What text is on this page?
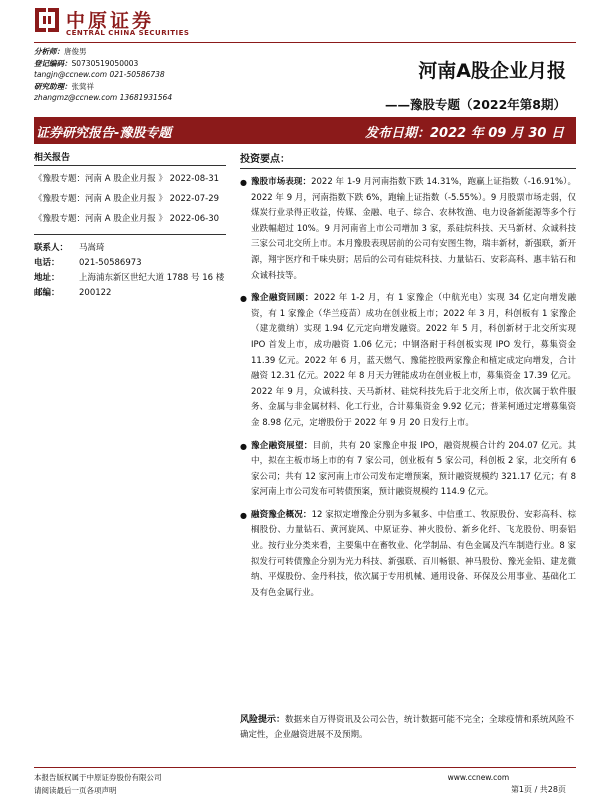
中原证券
CENTRAL CHINA SECURITIES
分析师：唐俊男
登记编码：S0730519050003
tangjn@ccnew.com 021-50586738
研究助理：张蓂祥
zhangmz@ccnew.com 13681931564
河南A股企业月报
——豫股专题（2022年第8期）
证券研究报告-豫股专题	发布日期：2022 年 09 月 30 日
相关报告
《豫股专题：河南 A 股企业月报 》 2022-08-31
《豫股专题：河南 A 股企业月报 》 2022-07-29
《豫股专题：河南 A 股企业月报 》 2022-06-30
联系人：	马嵩琦
电话：	021-50586973
地址：	上海浦东新区世纪大道 1788 号 16 楼
邮编：	200122
投资要点：
● 豫股市场表现：2022 年 1-9 月河南指数下跌 14.31%，跑赢上证指数（-16.91%）。2022 年 9 月，河南指数下跌 6%，跑输上证指数（-5.55%）。9 月股票市场走弱，仅煤炭行业录得正收益，传媒、金融、电子、综合、农林牧渔、电力设备新能源等多个行业跌幅超过 10%。9 月河南省上市公司增加 3 家，系硅烷科技、天马新材、众诚科技三家公司北交所上市。本月豫股表现居前的公司有安图生物，瑞丰新材，新强联，新开源，翔宇医疗和千味央厨；居后的公司有硅烷科技、力量钻石、安彩高科、惠丰钻石和众诚科技等。
● 豫企融资回顾：2022 年 1-2 月，有 1 家豫企（中航光电）实现 34 亿定向增发融资，有 1 家豫企（华兰疫苗）成功在创业板上市；2022 年 3 月，科创板有 1 家豫企（建龙微纳）实现 1.94 亿元定向增发融资。2022 年 5 月，科创新材于北交所实现 IPO 首发上市，成功融资 1.06 亿元；中钢洛耐于科创板实现 IPO 发行，募集资金 11.39 亿元。2022 年 6 月，蓝天燃气、豫能控股两家豫企和植定成定向增发，合计融资 12.31 亿元。2022 年 8 月天力锂能成功在创业板上市，募集资金 17.39 亿元。2022 年 9 月，众诚科技、天马新材、硅烷科技先后于北交所上市，依次属于软件服务、金属与非金属材料、化工行业，合计募集资金 9.92 亿元；普莱柯通过定增募集资金 8.98 亿元，定增股份于 2022 年 9 月 20 日发行上市。
● 豫企融资展望：目前，共有 20 家豫企申报 IPO，融资规模合计约 204.07 亿元。其中，拟在主板市场上市的有 7 家公司，创业板有 5 家公司，科创板 2 家，北交所有 6 家公司；共有 12 家河南上市公司发布定增预案，预计融资规模约 321.17 亿元；有 8 家河南上市公司发布可转债预案，预计融资规模约 114.9 亿元。
● 融资豫企概况：12 家拟定增豫企分别为多氟多、中信重工、牧原股份、安彩高科、棕榈股份、力量钻石、黄河旋风、中原证券、神火股份、新乡化纤、飞龙股份、明泰铝业。按行业分类来看，主要集中在畜牧业、化学制品、有色金属及汽车制造行业。8 家拟发行可转债豫企分别为光力科技、新强联、百川畅银、神马股份、豫光金铅、建龙微纳、平煤股份、金丹科技，依次属于专用机械、通用设备、环保及公用事业、基础化工及有色金属行业。
风险提示：数据来自万得资讯及公司公告，统计数据可能不完全；全球疫情和系统风险不确定性，企业融资进展不及预期。
本报告版权属于中原证券股份有限公司	www.ccnew.com
请阅读最后一页各项声明	第1页 / 共28页
